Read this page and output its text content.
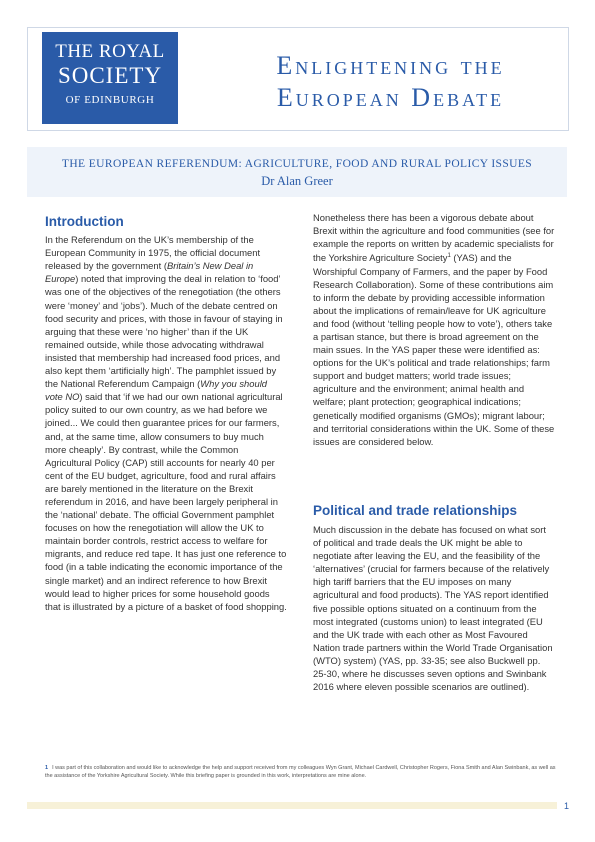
THE ROYAL
SOCIETY
OF EDINBURGH
Enlightening the
European Debate
THE EUROPEAN REFERENDUM: AGRICULTURE, FOOD AND RURAL POLICY ISSUES
Dr Alan Greer

Introduction

In the Referendum on the UK’s membership of the European Community in 1975, the official document released by the government (Britain’s New Deal in Europe) noted that improving the deal in relation to ‘food’ was one of the objectives of the renegotiation (the others were ‘money’ and ‘jobs’). Much of the debate centred on food security and prices, with those in favour of staying in arguing that these were ‘no higher’ than if the UK remained outside, while those advocating withdrawal insisted that membership had increased food prices, and also kept them ‘artificially high’. The pamphlet issued by the National Referendum Campaign (Why you should vote NO) said that ‘if we had our own national agricultural policy suited to our own country, as we had before we joined... We could then guarantee prices for our farmers, and, at the same time, allow consumers to buy much more cheaply’. By contrast, while the Common Agricultural Policy (CAP) still accounts for nearly 40 per cent of the EU budget, agriculture, food and rural affairs are barely mentioned in the literature on the Brexit referendum in 2016, and have been largely peripheral in the ‘national’ debate. The official Government pamphlet focuses on how the renegotiation will allow the UK to maintain border controls, restrict access to welfare for migrants, and reduce red tape. It has just one reference to food (in a table indicating the economic importance of the single market) and an indirect reference to how Brexit would lead to higher prices for some household goods that is illustrated by a picture of a basket of food shopping.

Nonetheless there has been a vigorous debate about Brexit within the agriculture and food communities (see for example the reports on written by academic specialists for the Yorkshire Agriculture Society$^1$ (YAS) and the Worshipful Company of Farmers, and the paper by Food Research Collaboration). Some of these contributions aim to inform the debate by providing accessible information about the implications of remain/leave for UK agriculture and food (without ‘telling people how to vote’), others take a partisan stance, but there is broad agreement on the main ssues. In the YAS paper these were identified as: options for the UK’s political and trade relationships; farm support and budget matters; world trade issues; agriculture and the environment; animal health and welfare; plant protection; geographical indications; genetically modified organisms (GMOs); migrant labour; and territorial considerations within the UK. Some of these issues are considered below.

Political and trade relationships

Much discussion in the debate has focused on what sort of political and trade deals the UK might be able to negotiate after leaving the EU, and the feasibility of the ‘alternatives’ (crucial for farmers because of the relatively high tariff barriers that the EU imposes on many agricultural and food products). The YAS report identified five possible options situated on a continuum from the most integrated (customs union) to least integrated (EU and the UK trade with each other as Most Favoured Nation trade partners within the World Trade Organisation (WTO) system) (YAS, pp. 33-35; see also Buckwell pp. 25-30, where he discusses seven options and Swinbank 2016 where eleven possible scenarios are outlined).

1 I was part of this collaboration and would like to acknowledge the help and support received from my colleagues Wyn Grant, Michael Cardwell, Christopher Rogers, Fiona Smith and Alan Swinbank, as well as the assistance of the Yorkshire Agricultural Society. While this briefing paper is grounded in this work, interpretations are mine alone.
1
